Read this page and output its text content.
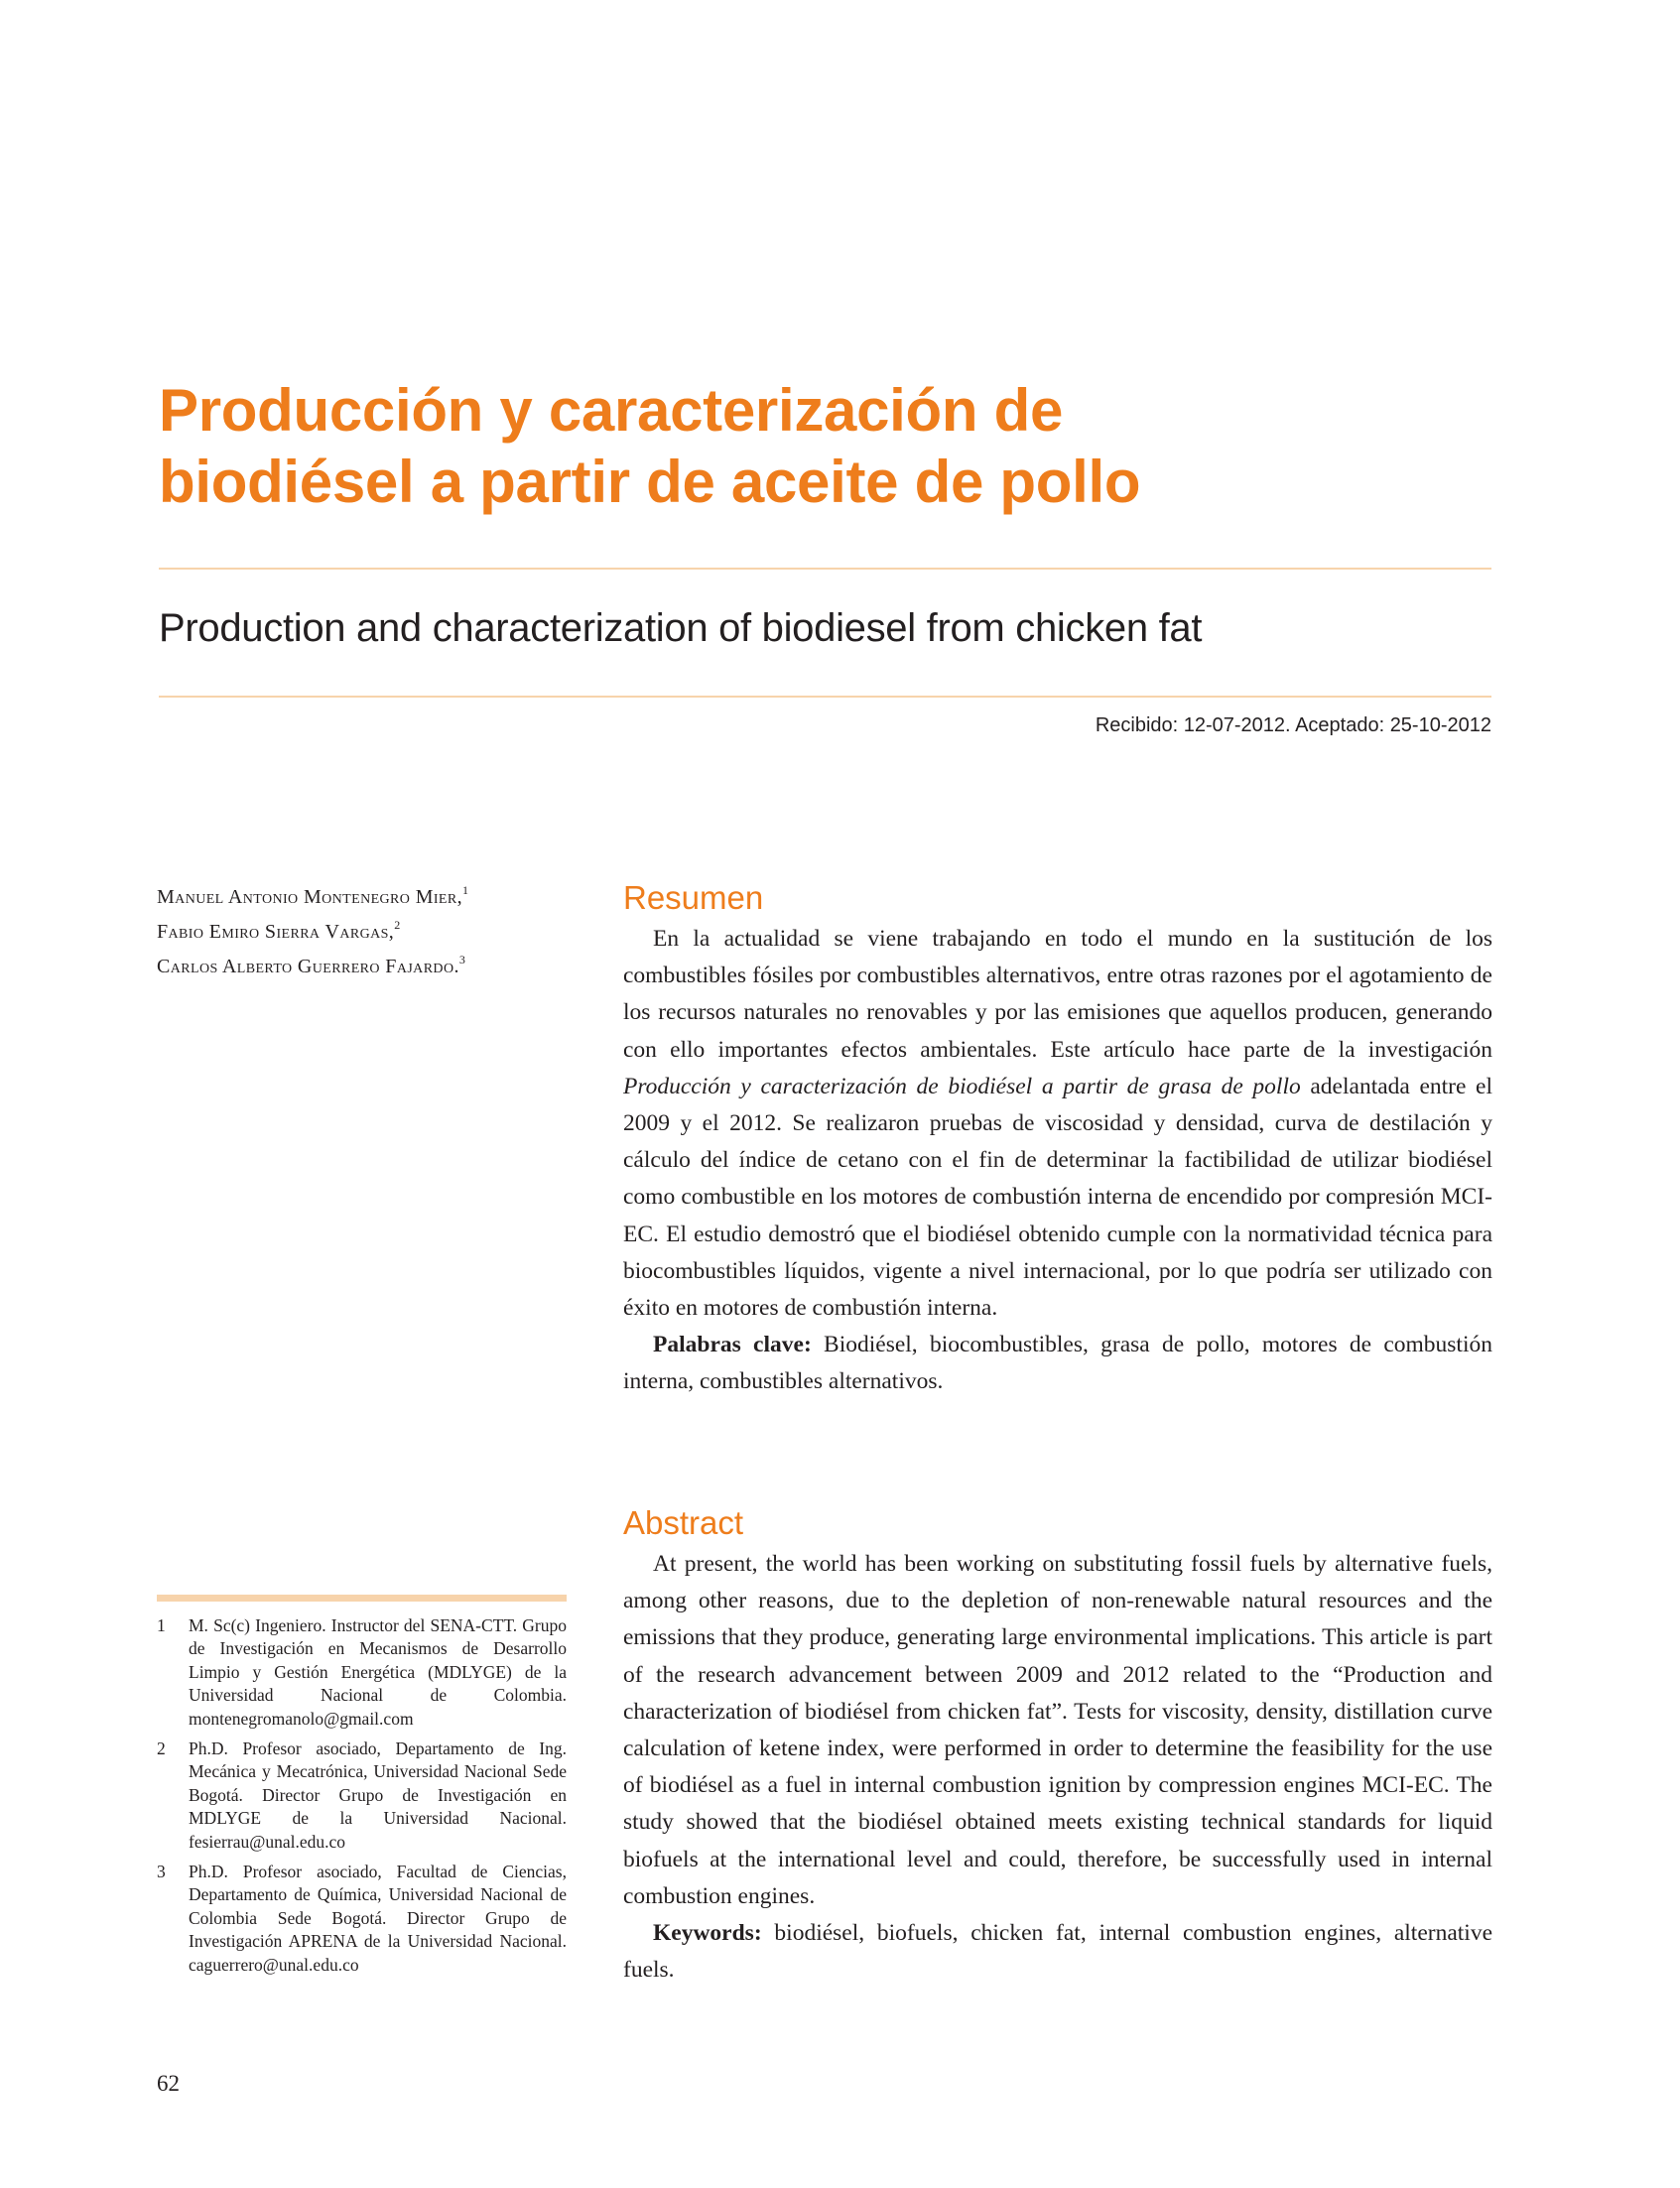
Producción y caracterización de
biodiésel a partir de aceite de pollo
Production and characterization of biodiesel from chicken fat
Recibido: 12-07-2012. Aceptado: 25-10-2012
Manuel Antonio Montenegro Mier,$^1$
Fabio Emiro Sierra Vargas,$^2$
Carlos Alberto Guerrero Fajardo.$^3$
Resumen

En la actualidad se viene trabajando en todo el mundo en la sustitución de los combustibles fósiles por combustibles alternativos, entre otras razones por el agotamiento de los recursos naturales no renovables y por las emisiones que aquellos producen, generando con ello importantes efectos ambientales. Este artículo hace parte de la investigación Producción y caracterización de biodiésel a partir de grasa de pollo adelantada entre el 2009 y el 2012. Se realizaron pruebas de viscosidad y densidad, curva de destilación y cálculo del índice de cetano con el fin de determinar la factibilidad de utilizar biodiésel como combustible en los motores de combustión interna de encendido por compresión MCI-EC. El estudio demostró que el biodiésel obtenido cumple con la normatividad técnica para biocombustibles líquidos, vigente a nivel internacional, por lo que podría ser utilizado con éxito en motores de combustión interna.

Palabras clave: Biodiésel, biocombustibles, grasa de pollo, motores de combustión interna, combustibles alternativos.

Abstract

At present, the world has been working on substituting fossil fuels by alternative fuels, among other reasons, due to the depletion of non-renewable natural resources and the emissions that they produce, generating large environmental implications. This article is part of the research advancement between 2009 and 2012 related to the “Production and characterization of biodiésel from chicken fat”. Tests for viscosity, density, distillation curve calculation of ketene index, were performed in order to determine the feasibility for the use of biodiésel as a fuel in internal combustion ignition by compression engines MCI-EC. The study showed that the biodiésel obtained meets existing technical standards for liquid biofuels at the international level and could, therefore, be successfully used in internal combustion engines.

Keywords: biodiésel, biofuels, chicken fat, internal combustion engines, alternative fuels.

1 M. Sc(c) Ingeniero. Instructor del SENA-CTT. Grupo de Investigación en Mecanismos de Desarrollo Limpio y Gestión Energética (MDLYGE) de la Universidad Nacional de Colombia. montenegromanolo@gmail.com
2 Ph.D. Profesor asociado, Departamento de Ing. Mecánica y Mecatrónica, Universidad Nacional Sede Bogotá. Director Grupo de Investigación en MDLYGE de la Universidad Nacional. fesierrau@unal.edu.co
3 Ph.D. Profesor asociado, Facultad de Ciencias, Departamento de Química, Universidad Nacional de Colombia Sede Bogotá. Director Grupo de Investigación APRENA de la Universidad Nacional. caguerrero@unal.edu.co
62
